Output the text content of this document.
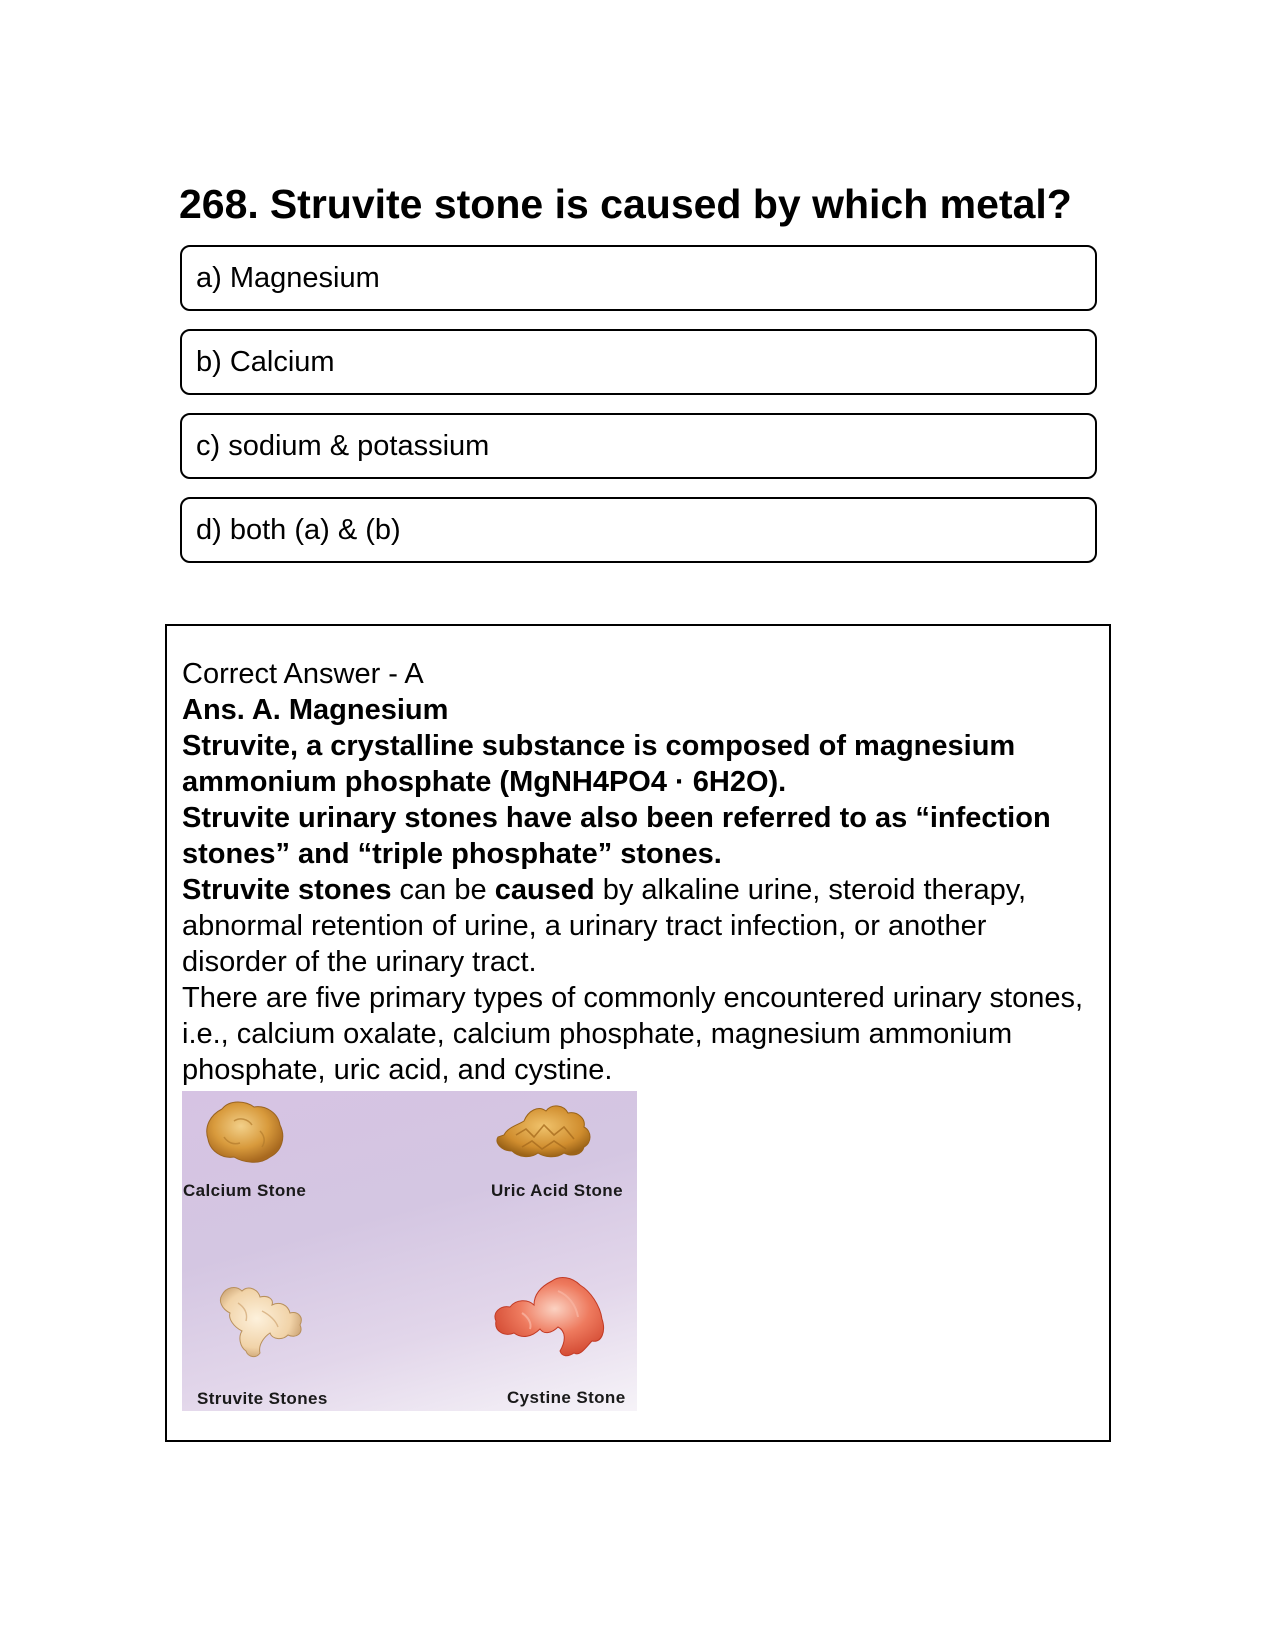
268. Struvite stone is caused by which metal?
a) Magnesium
b) Calcium
c) sodium & potassium
d) both (a) & (b)

Correct Answer - A

Ans. A. Magnesium

Struvite, a crystalline substance is composed of magnesium ammonium phosphate (MgNH4PO4 · 6H2O).

Struvite urinary stones have also been referred to as “infection stones” and “triple phosphate” stones.

Struvite stones can be caused by alkaline urine, steroid therapy, abnormal retention of urine, a urinary tract infection, or another disorder of the urinary tract.

There are five primary types of commonly encountered urinary stones, i.e., calcium oxalate, calcium phosphate, magnesium ammonium phosphate, uric acid, and cystine.

Calcium Stone	Uric Acid Stone
Struvite Stones	Cystine Stone
